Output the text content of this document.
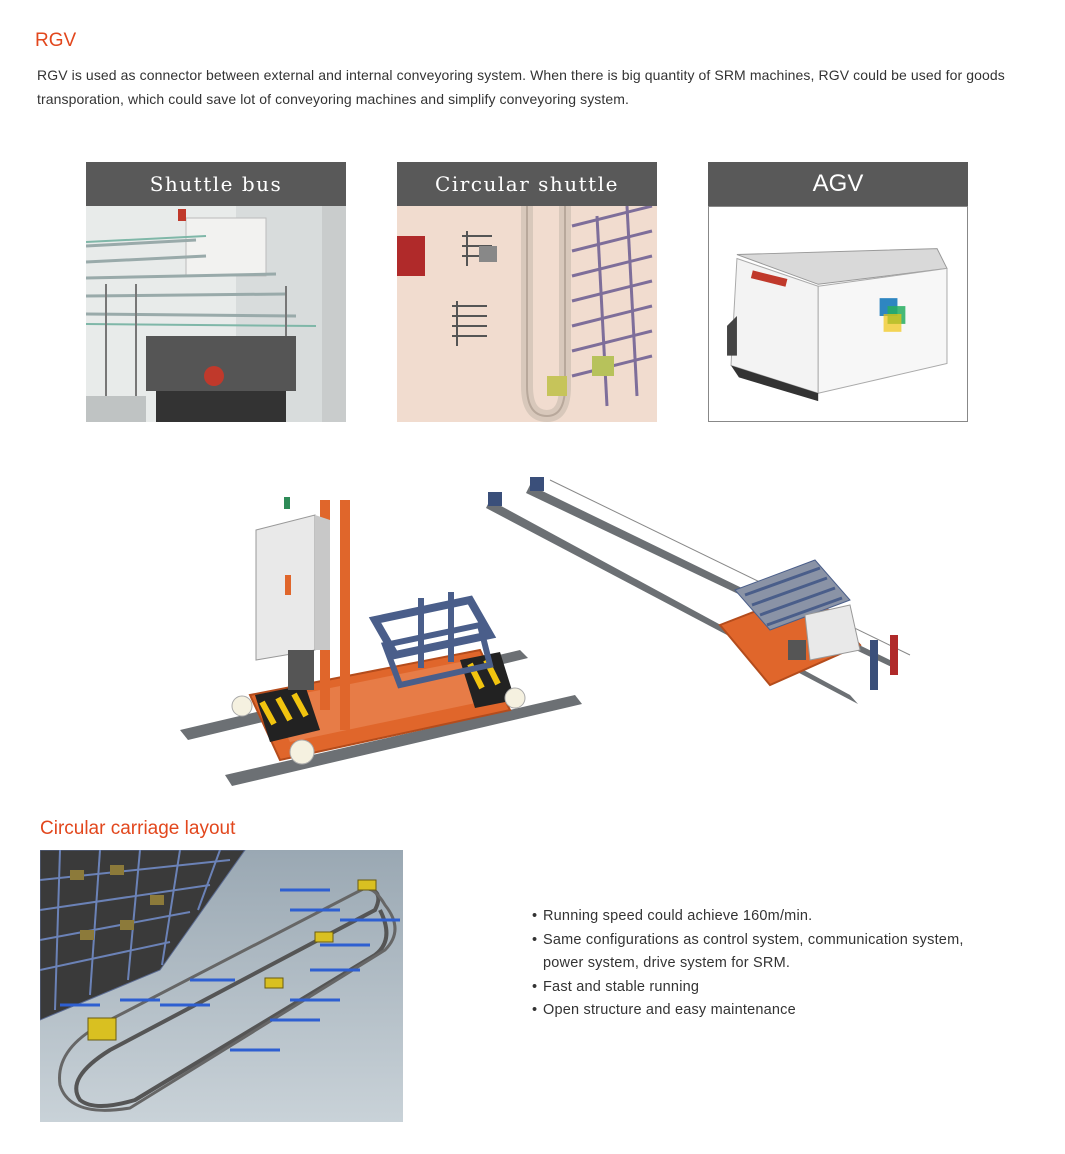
RGV
RGV is used as connector between external and internal conveyoring system. When there is big quantity of SRM machines, RGV could be used for goods transporation, which could save lot of conveyoring machines and simplify conveyoring system.
Shuttle bus	Circular shuttle	AGV
Circular carriage layout
• Running speed could achieve 160m/min.
• Same configurations as control system, communication system,
power system, drive system for SRM.
• Fast and stable running
• Open structure and easy maintenance
